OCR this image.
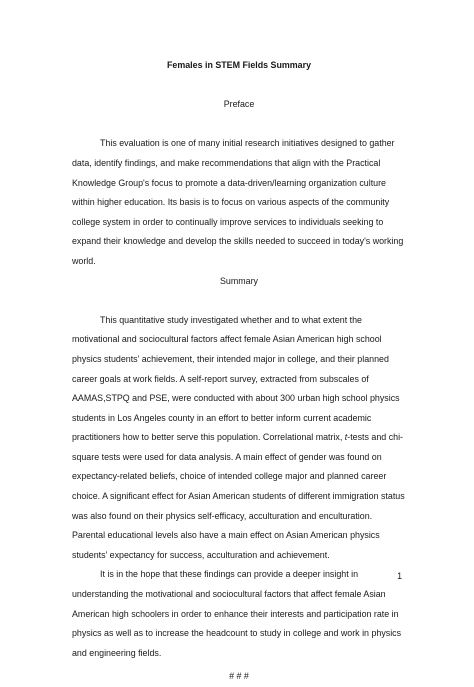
Females in STEM Fields Summary

Preface

This evaluation is one of many initial research initiatives designed to gather data, identify findings, and make recommendations that align with the Practical Knowledge Group's focus to promote a data-driven/learning organization culture within higher education. Its basis is to focus on various aspects of the community college system in order to continually improve services to individuals seeking to expand their knowledge and develop the skills needed to succeed in today's working world.

Summary

This quantitative study investigated whether and to what extent the motivational and sociocultural factors affect female Asian American high school physics students’ achievement, their intended major in college, and their planned career goals at work fields. A self-report survey, extracted from subscales of AAMAS,STPQ and PSE, were conducted with about 300 urban high school physics students in Los Angeles county in an effort to better inform current academic practitioners how to better serve this population. Correlational matrix, t-tests and chi-square tests were used for data analysis. A main effect of gender was found on expectancy-related beliefs, choice of intended college major and planned career choice. A significant effect for Asian American students of different immigration status was also found on their physics self-efficacy, acculturation and enculturation. Parental educational levels also have a main effect on Asian American physics students’ expectancy for success, acculturation and achievement.

It is in the hope that these findings can provide a deeper insight in understanding the motivational and sociocultural factors that affect female Asian American high schoolers in order to enhance their interests and participation rate in physics as well as to increase the headcount to study in college and work in physics and engineering fields.

# # #

1
